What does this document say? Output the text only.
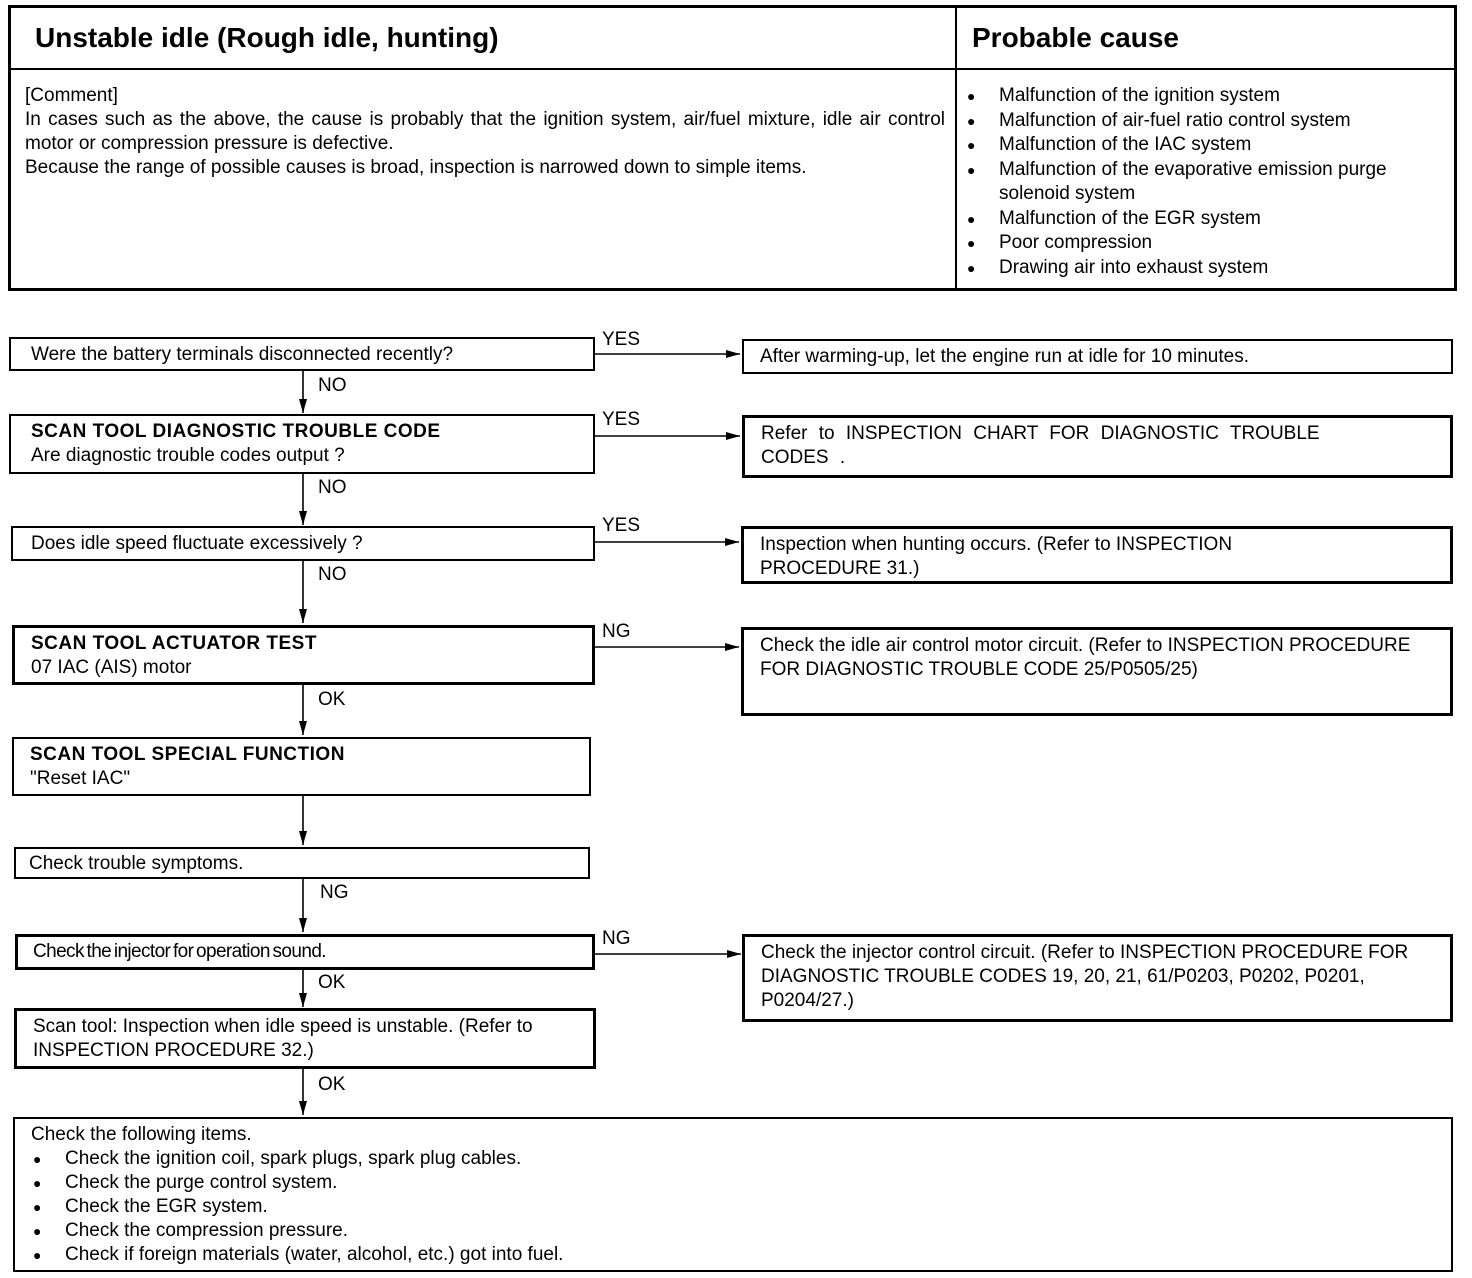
Unstable idle (Rough idle, hunting)	Probable cause

[Comment]

In cases such as the above, the cause is probably that the ignition system, air/fuel mixture, idle air control motor or compression pressure is defective.

Because the range of possible causes is broad, inspection is narrowed down to simple items.

● Malfunction of the ignition system
● Malfunction of air-fuel ratio control system
● Malfunction of the IAC system
● Malfunction of the evaporative emission purge solenoid system
● Malfunction of the EGR system
● Poor compression
● Drawing air into exhaust system
Were the battery terminals disconnected recently?	After warming-up, let the engine run at idle for 10 minutes.
SCAN TOOL DIAGNOSTIC TROUBLE CODE
Are diagnostic trouble codes output ?
Refer to INSPECTION CHART FOR DIAGNOSTIC TROUBLE CODES .
Does idle speed fluctuate excessively ?	Inspection when hunting occurs. (Refer to INSPECTION PROCEDURE 31.)
SCAN TOOL ACTUATOR TEST
07 IAC (AIS) motor
Check the idle air control motor circuit. (Refer to INSPECTION PROCEDURE FOR DIAGNOSTIC TROUBLE CODE 25/P0505/25)
SCAN TOOL SPECIAL FUNCTION
"Reset IAC"
Check trouble symptoms.
Check the injector for operation sound.	Check the injector control circuit. (Refer to INSPECTION PROCEDURE FOR DIAGNOSTIC TROUBLE CODES 19, 20, 21, 61/P0203, P0202, P0201, P0204/27.)
Scan tool: Inspection when idle speed is unstable. (Refer to INSPECTION PROCEDURE 32.)
Check the following items.
● Check the ignition coil, spark plugs, spark plug cables.
● Check the purge control system.
● Check the EGR system.
● Check the compression pressure.
● Check if foreign materials (water, alcohol, etc.) got into fuel.
YES
NO
YES
NO
YES
NO
NG
OK
NG
NG
OK
OK
